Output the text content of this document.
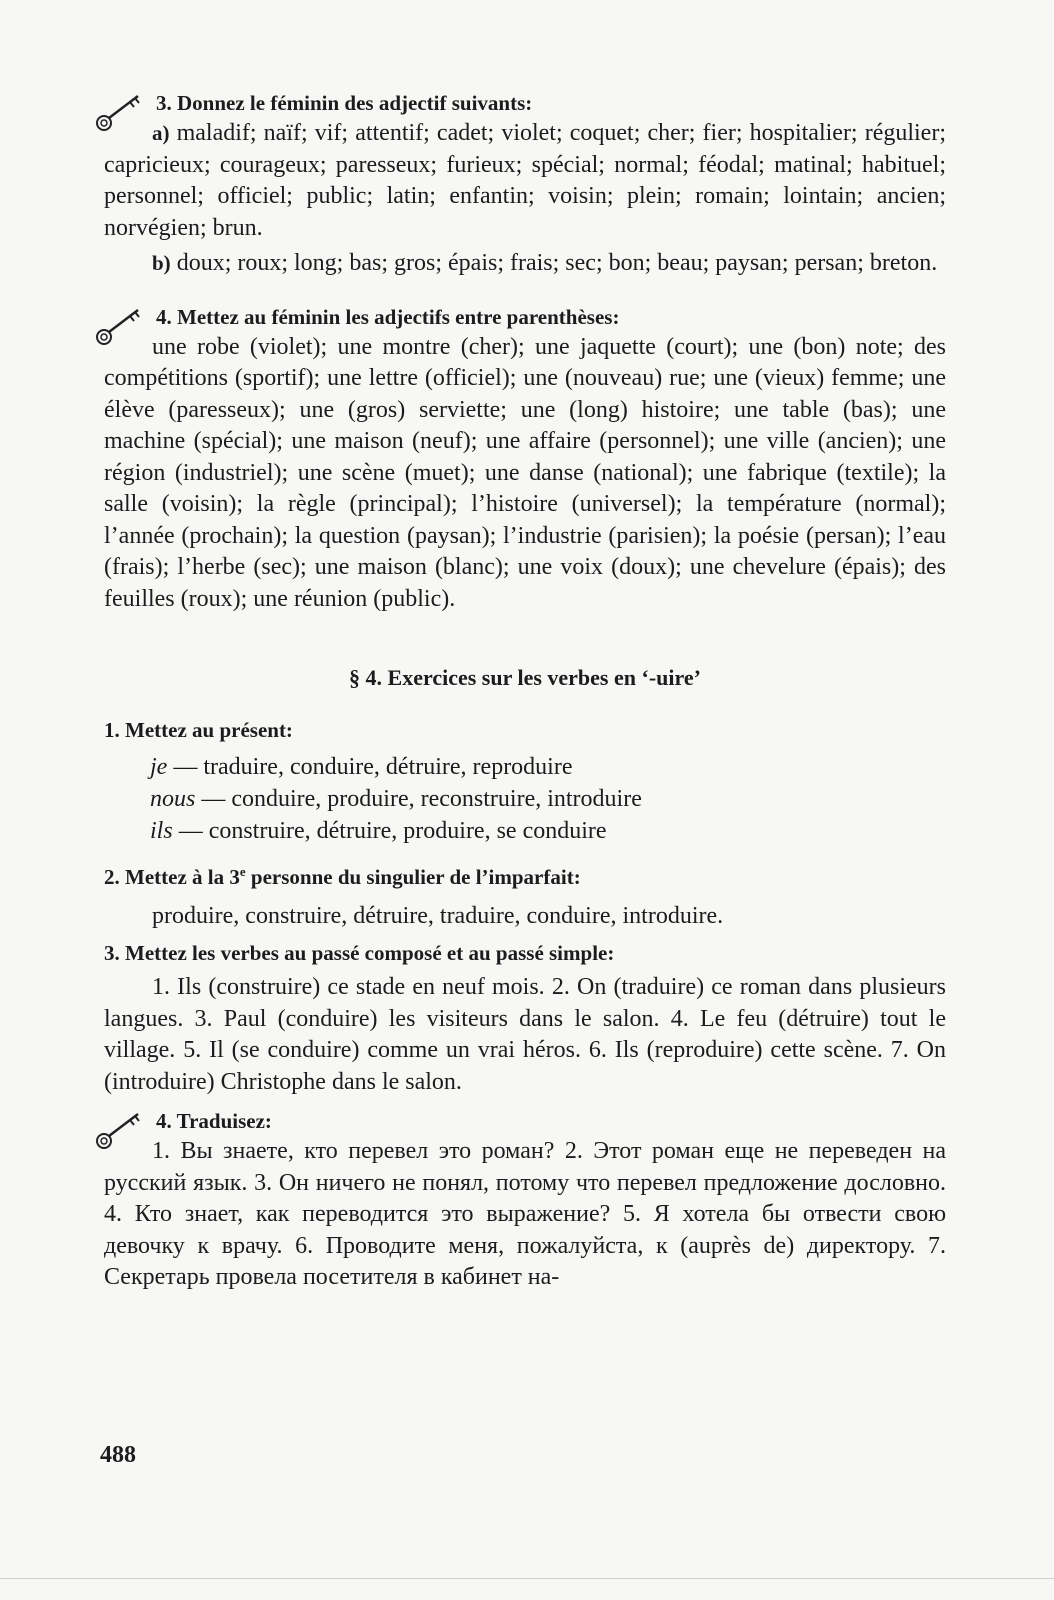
3. Donnez le féminin des adjectif suivants:

a) maladif; naïf; vif; attentif; cadet; violet; coquet; cher; fier; hospitalier; régulier; capricieux; courageux; paresseux; furieux; spécial; normal; féodal; matinal; habituel; personnel; officiel; public; latin; enfantin; voisin; plein; romain; lointain; ancien; norvégien; brun.

b) doux; roux; long; bas; gros; épais; frais; sec; bon; beau; paysan; persan; breton.

4. Mettez au féminin les adjectifs entre parenthèses:

une robe (violet); une montre (cher); une jaquette (court); une (bon) note; des compétitions (sportif); une lettre (officiel); une (nouveau) rue; une (vieux) femme; une élève (paresseux); une (gros) serviette; une (long) histoire; une table (bas); une machine (spécial); une maison (neuf); une affaire (personnel); une ville (ancien); une région (industriel); une scène (muet); une danse (national); une fabrique (textile); la salle (voisin); la règle (principal); l’histoire (universel); la température (normal); l’année (prochain); la question (paysan); l’industrie (parisien); la poésie (persan); l’eau (frais); l’herbe (sec); une maison (blanc); une voix (doux); une chevelure (épais); des feuilles (roux); une réunion (public).

§ 4. Exercices sur les verbes en ‘-uire’

1. Mettez au présent:

je — traduire, conduire, détruire, reproduire
nous — conduire, produire, reconstruire, introduire
ils — construire, détruire, produire, se conduire

2. Mettez à la 3e personne du singulier de l’imparfait:

produire, construire, détruire, traduire, conduire, introduire.

3. Mettez les verbes au passé composé et au passé simple:

1. Ils (construire) ce stade en neuf mois. 2. On (traduire) ce roman dans plusieurs langues. 3. Paul (conduire) les visiteurs dans le salon. 4. Le feu (détruire) tout le village. 5. Il (se conduire) comme un vrai héros. 6. Ils (reproduire) cette scène. 7. On (introduire) Christophe dans le salon.

4. Traduisez:

1. Вы знаете, кто перевел это роман? 2. Этот роман еще не переведен на русский язык. 3. Он ничего не понял, потому что перевел предложение дословно. 4. Кто знает, как переводится это выражение? 5. Я хотела бы отвести свою девочку к врачу. 6. Проводите меня, пожалуйста, к (auprès de) директору. 7. Секретарь провела посетителя в кабинет на-

488
